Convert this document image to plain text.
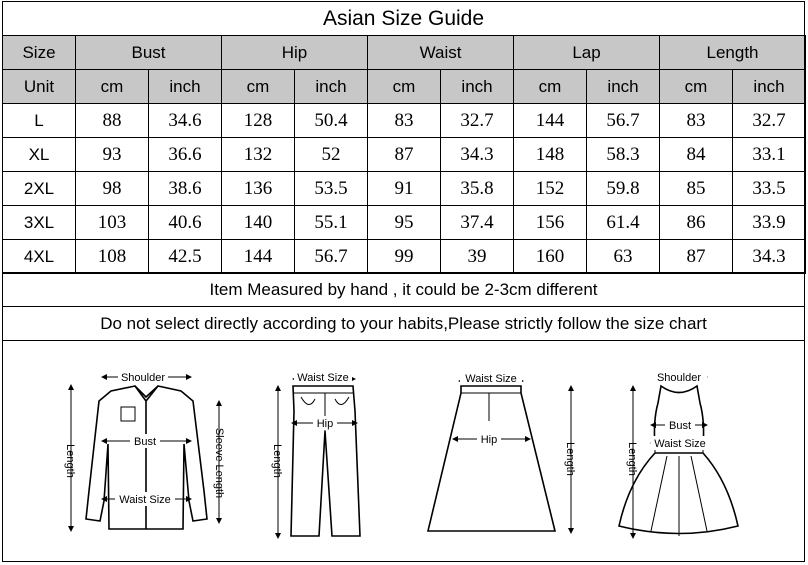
Asian Size Guide
Size	Bust		Hip		Waist		Lap		Length	
Unit	cm	inch	cm	inch	cm	inch	cm	inch	cm	inch
L	88	34.6	128	50.4	83	32.7	144	56.7	83	32.7
XL	93	36.6	132	52	87	34.3	148	58.3	84	33.1
2XL	98	38.6	136	53.5	91	35.8	152	59.8	85	33.5
3XL	103	40.6	140	55.1	95	37.4	156	61.4	86	33.9
4XL	108	42.5	144	56.7	99	39	160	63	87	34.3
Item Measured by hand , it could be 2-3cm different
Do not select directly according to your habits,Please strictly follow the size chart
Shoulder
Bust
Waist Size
Length	Sleeve Length
Waist Size
Hip
Length
Waist Size
Hip
Length
Shoulder
Bust
Waist Size
Length
